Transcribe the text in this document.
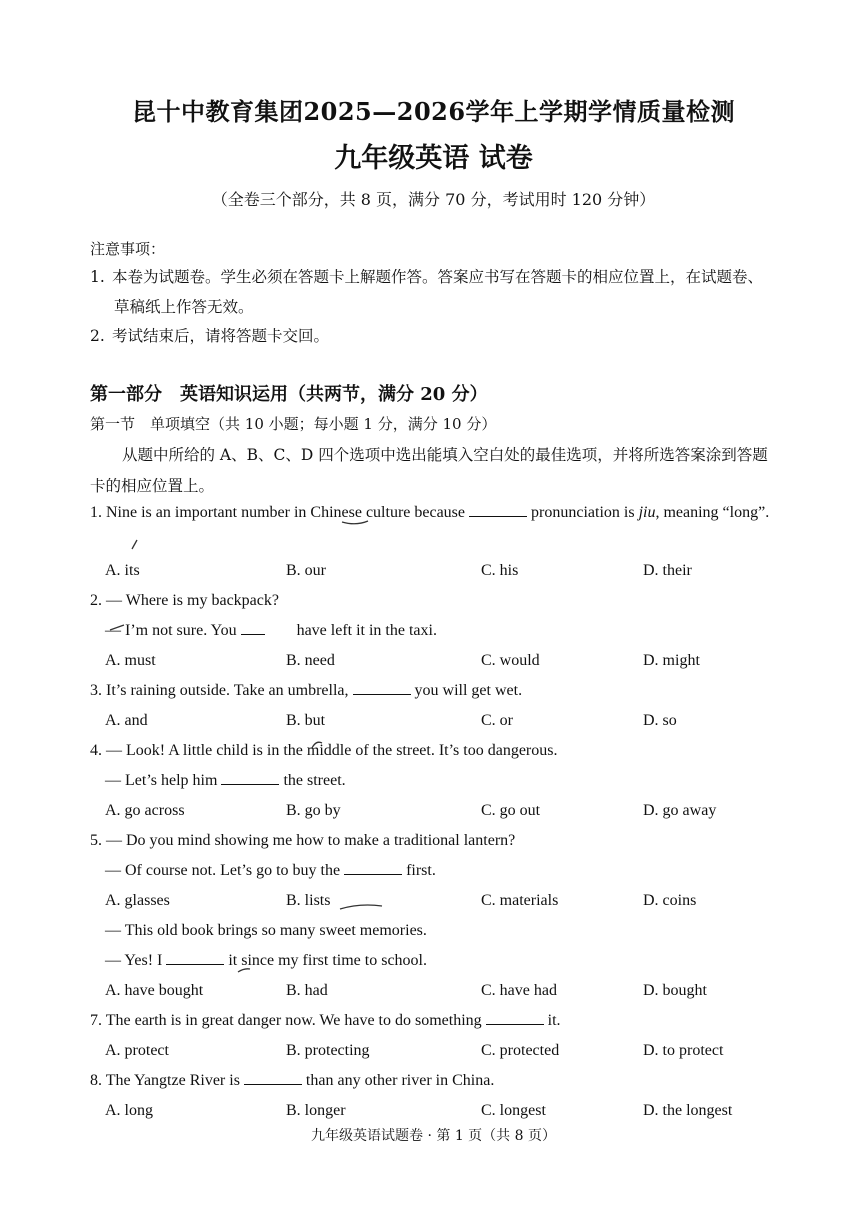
昆十中教育集团2025—2026学年上学期学情质量检测
九年级英语 试卷
（全卷三个部分，共 8 页，满分 70 分，考试用时 120 分钟）
注意事项：
1. 本卷为试题卷。学生必须在答题卡上解题作答。答案应书写在答题卡的相应位置上，在试题卷、
草稿纸上作答无效。
2. 考试结束后，请将答题卡交回。
第一部分　英语知识运用（共两节，满分 20 分）
第一节　单项填空（共 10 小题；每小题 1 分，满分 10 分）
从题中所给的 A、B、C、D 四个选项中选出能填入空白处的最佳选项，并将所选答案涂到答题卡的相应位置上。
1. Nine is an important number in Chinese culture because	pronunciation is jiu, meaning “long”.
A. its	B. our	C. his	D. their
2. — Where is my backpack?
— I’m not sure. You	have left it in the taxi.
A. must	B. need	C. would	D. might
3. It’s raining outside. Take an umbrella,	you will get wet.
A. and	B. but	C. or	D. so
4. — Look! A little child is in the middle of the street. It’s too dangerous.
— Let’s help him	the street.
A. go across	B. go by	C. go out	D. go away
5. — Do you mind showing me how to make a traditional lantern?
— Of course not. Let’s go to buy the	first.
A. glasses	B. lists	C. materials	D. coins
— This old book brings so many sweet memories.
— Yes! I	it since my first time to school.
A. have bought	B. had	C. have had	D. bought
7. The earth is in great danger now. We have to do something	it.
A. protect	B. protecting	C. protected	D. to protect
8. The Yangtze River is	than any other river in China.
A. long	B. longer	C. longest	D. the longest
九年级英语试题卷 · 第 1 页（共 8 页）
